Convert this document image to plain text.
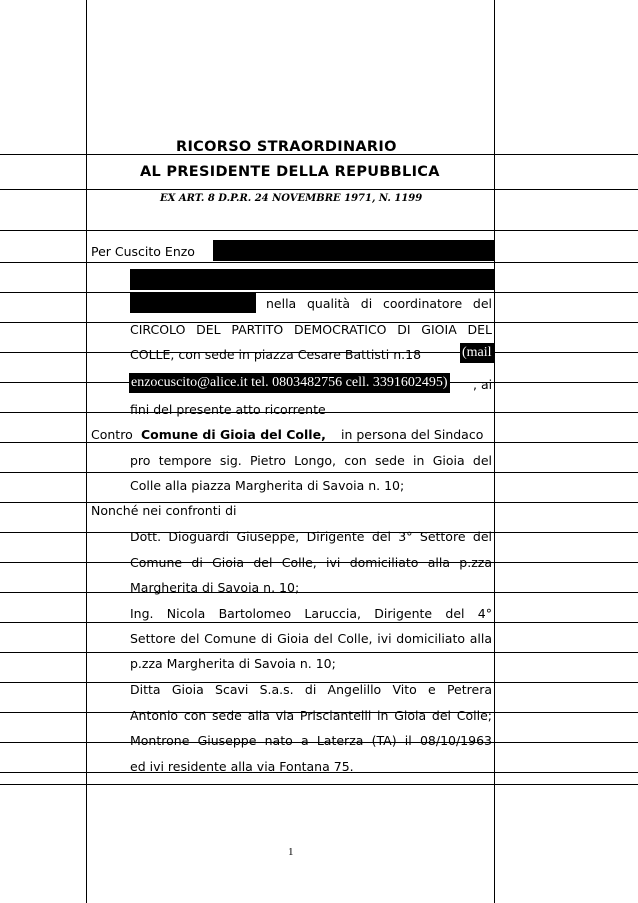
RICORSO STRAORDINARIO
AL PRESIDENTE DELLA REPUBBLICA
EX ART. 8 D.P.R. 24 NOVEMBRE 1971, N. 1199
Per Cuscito Enzo
nella qualità di coordinatore del
CIRCOLO DEL PARTITO DEMOCRATICO DI GIOIA DEL
COLLE, con sede in piazza Cesare Battisti n.18	(mail
enzocuscito@alice.it tel. 0803482756 cell. 3391602495) , ai
fini del presente atto ricorrente
Contro Comune di Gioia del Colle, in persona del Sindaco
pro tempore sig. Pietro Longo, con sede in Gioia del
Colle alla piazza Margherita di Savoia n. 10;
Nonché nei confronti di
Dott. Dioguardi Giuseppe, Dirigente del 3° Settore del
Comune di Gioia del Colle, ivi domiciliato alla p.zza
Margherita di Savoia n. 10;
Ing. Nicola Bartolomeo Laruccia, Dirigente del 4°
Settore del Comune di Gioia del Colle, ivi domiciliato alla
p.zza Margherita di Savoia n. 10;
Ditta Gioia Scavi S.a.s. di Angelillo Vito e Petrera
Antonio con sede alla via Prisciantelli in Gioia del Colle;
Montrone Giuseppe nato a Laterza (TA) il 08/10/1963
ed ivi residente alla via Fontana 75.
1
